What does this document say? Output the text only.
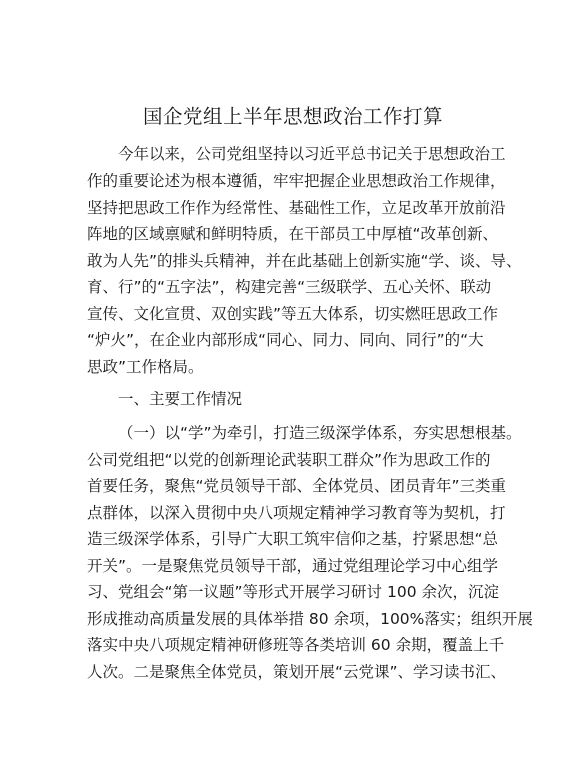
国企党组上半年思想政治工作打算

今年以来，公司党组坚持以习近平总书记关于思想政治工

作的重要论述为根本遵循，牢牢把握企业思想政治工作规律，

坚持把思政工作作为经常性、基础性工作，立足改革开放前沿

阵地的区域禀赋和鲜明特质，在干部员工中厚植“改革创新、

敢为人先”的排头兵精神，并在此基础上创新实施“学、谈、导、

育、行”的“五字法”，构建完善“三级联学、五心关怀、联动

宣传、文化宣贯、双创实践”等五大体系，切实燃旺思政工作

“炉火”，在企业内部形成“同心、同力、同向、同行”的“大

思政”工作格局。

一、主要工作情况

（一）以“学”为牵引，打造三级深学体系，夯实思想根基。

公司党组把“以党的创新理论武装职工群众”作为思政工作的

首要任务，聚焦“党员领导干部、全体党员、团员青年”三类重

点群体，以深入贯彻中央八项规定精神学习教育等为契机，打

造三级深学体系，引导广大职工筑牢信仰之基，拧紧思想“总

开关”。一是聚焦党员领导干部，通过党组理论学习中心组学

习、党组会“第一议题”等形式开展学习研讨 100 余次，沉淀

形成推动高质量发展的具体举措 80 余项，100%落实；组织开展

落实中央八项规定精神研修班等各类培训 60 余期，覆盖上千

人次。二是聚焦全体党员，策划开展“云党课”、学习读书汇、
